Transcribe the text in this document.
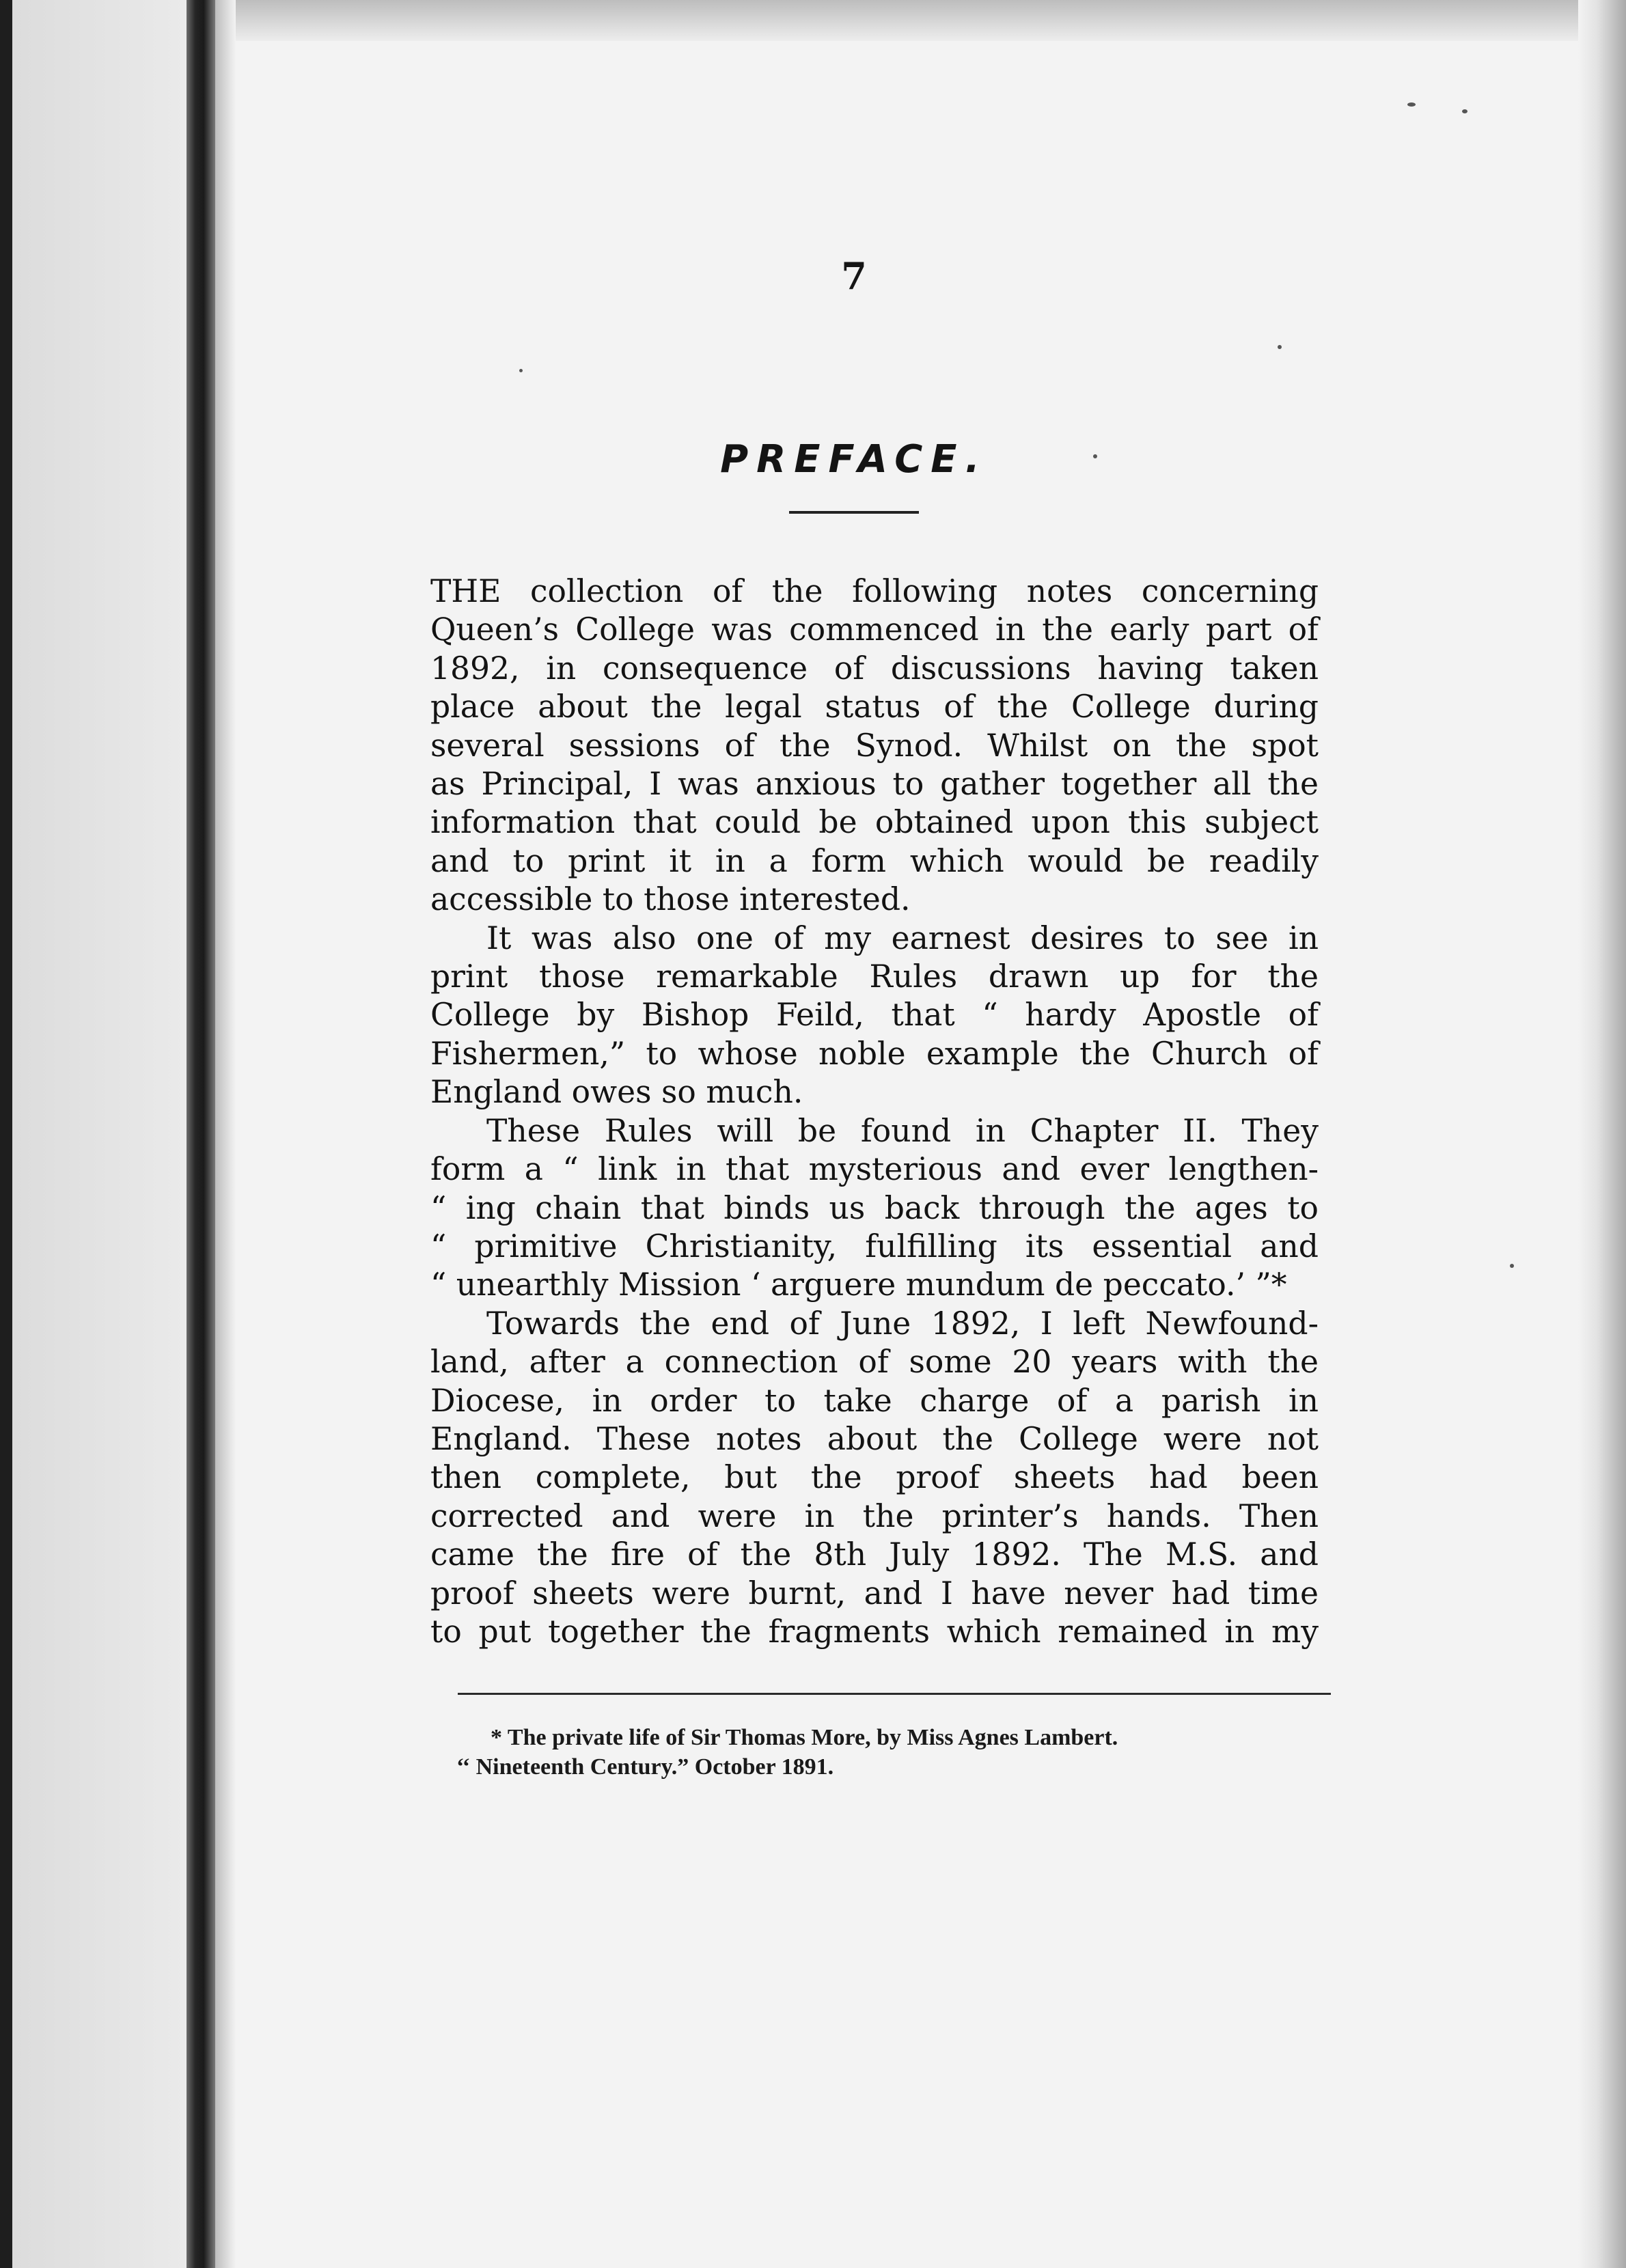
7
PREFACE.

THE collection of the following notes concerning

Queen’s College was commenced in the early part of

1892, in consequence of discussions having taken

place about the legal status of the College during

several sessions of the Synod. Whilst on the spot

as Principal, I was anxious to gather together all the

information that could be obtained upon this subject

and to print it in a form which would be readily

accessible to those interested.

It was also one of my earnest desires to see in

print those remarkable Rules drawn up for the

College by Bishop Feild, that “ hardy Apostle of

Fishermen,” to whose noble example the Church of

England owes so much.

These Rules will be found in Chapter II. They

form a “ link in that mysterious and ever lengthen-

“ ing chain that binds us back through the ages to

“ primitive Christianity, fulfilling its essential and

“ unearthly Mission ‘ arguere mundum de peccato.’ ”*

Towards the end of June 1892, I left Newfound-

land, after a connection of some 20 years with the

Diocese, in order to take charge of a parish in

England. These notes about the College were not

then complete, but the proof sheets had been

corrected and were in the printer’s hands. Then

came the fire of the 8th July 1892. The M.S. and

proof sheets were burnt, and I have never had time

to put together the fragments which remained in my

* The private life of Sir Thomas More, by Miss Agnes Lambert.

‘‘ Nineteenth Century.” October 1891.
